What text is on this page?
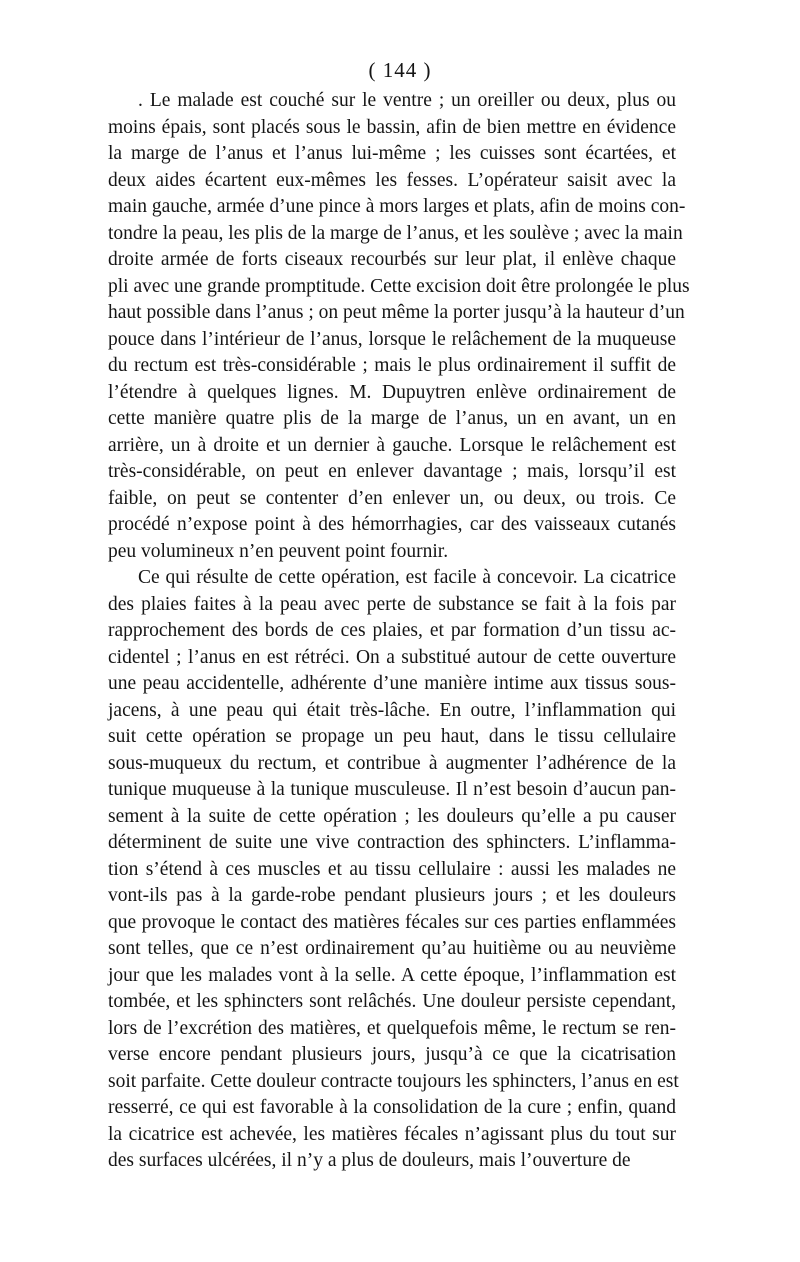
( 144 )
. Le malade est couché sur le ventre ; un oreiller ou deux, plus ou
moins épais, sont placés sous le bassin, afin de bien mettre en évidence
la marge de l’anus et l’anus lui-même ; les cuisses sont écartées, et
deux aides écartent eux-mêmes les fesses. L’opérateur saisit avec la
main gauche, armée d’une pince à mors larges et plats, afin de moins con-
tondre la peau, les plis de la marge de l’anus, et les soulève ; avec la main
droite armée de forts ciseaux recourbés sur leur plat, il enlève chaque
pli avec une grande promptitude. Cette excision doit être prolongée le plus
haut possible dans l’anus ; on peut même la porter jusqu’à la hauteur d’un
pouce dans l’intérieur de l’anus, lorsque le relâchement de la muqueuse
du rectum est très-considérable ; mais le plus ordinairement il suffit de
l’étendre à quelques lignes. M. Dupuytren enlève ordinairement de
cette manière quatre plis de la marge de l’anus, un en avant, un en
arrière, un à droite et un dernier à gauche. Lorsque le relâchement est
très-considérable, on peut en enlever davantage ; mais, lorsqu’il est
faible, on peut se contenter d’en enlever un, ou deux, ou trois. Ce
procédé n’expose point à des hémorrhagies, car des vaisseaux cutanés
peu volumineux n’en peuvent point fournir.
Ce qui résulte de cette opération, est facile à concevoir. La cicatrice
des plaies faites à la peau avec perte de substance se fait à la fois par
rapprochement des bords de ces plaies, et par formation d’un tissu ac-
cidentel ; l’anus en est rétréci. On a substitué autour de cette ouverture
une peau accidentelle, adhérente d’une manière intime aux tissus sous-
jacens, à une peau qui était très-lâche. En outre, l’inflammation qui
suit cette opération se propage un peu haut, dans le tissu cellulaire
sous-muqueux du rectum, et contribue à augmenter l’adhérence de la
tunique muqueuse à la tunique musculeuse. Il n’est besoin d’aucun pan-
sement à la suite de cette opération ; les douleurs qu’elle a pu causer
déterminent de suite une vive contraction des sphincters. L’inflamma-
tion s’étend à ces muscles et au tissu cellulaire : aussi les malades ne
vont-ils pas à la garde-robe pendant plusieurs jours ; et les douleurs
que provoque le contact des matières fécales sur ces parties enflammées
sont telles, que ce n’est ordinairement qu’au huitième ou au neuvième
jour que les malades vont à la selle. A cette époque, l’inflammation est
tombée, et les sphincters sont relâchés. Une douleur persiste cependant,
lors de l’excrétion des matières, et quelquefois même, le rectum se ren-
verse encore pendant plusieurs jours, jusqu’à ce que la cicatrisation
soit parfaite. Cette douleur contracte toujours les sphincters, l’anus en est
resserré, ce qui est favorable à la consolidation de la cure ; enfin, quand
la cicatrice est achevée, les matières fécales n’agissant plus du tout sur
des surfaces ulcérées, il n’y a plus de douleurs, mais l’ouverture de
